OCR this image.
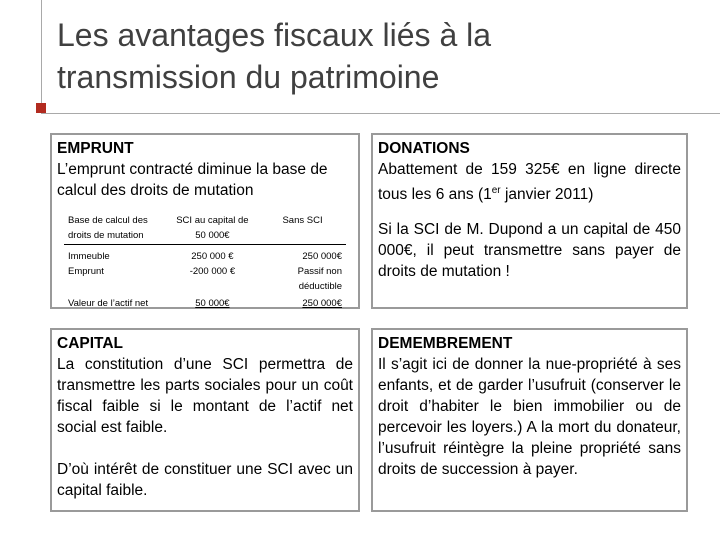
Les avantages fiscaux liés à la
transmission du patrimoine
EMPRUNT
L’emprunt contracté diminue la base de calcul des droits de mutation
Base de calcul des droits de mutation	SCI au capital de 50 000€	Sans SCI
Immeuble	250 000 €	250 000€
Emprunt	-200 000 €	Passif non déductible
Valeur de l’actif net	50 000€	250 000€
DONATIONS
Abattement de 159 325€ en ligne directe tous les 6 ans (1er janvier 2011)
Si la SCI de M. Dupond a un capital de 450 000€, il peut transmettre sans payer de droits de mutation !
CAPITAL
La constitution d’une SCI permettra de transmettre les parts sociales pour un coût fiscal faible si le montant de l’actif net social est faible.
D’où intérêt de constituer une SCI avec un capital faible.
DEMEMBREMENT
Il s’agit ici de donner la nue-propriété à ses enfants, et de garder l’usufruit (conserver le droit d’habiter le bien immobilier ou de percevoir les loyers.) A la mort du donateur, l’usufruit réintègre la pleine propriété sans droits de succession à payer.
